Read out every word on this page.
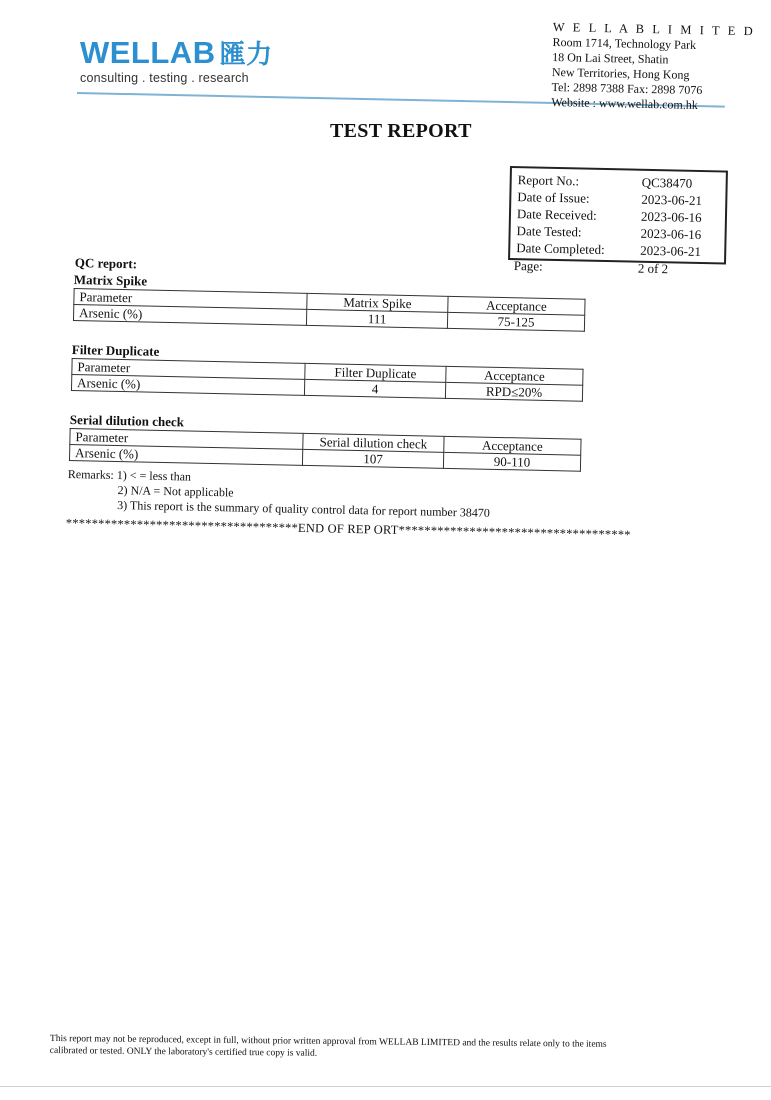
WELLAB 匯力
consulting . testing . research
W E L L A B L I M I T E D
Room 1714, Technology Park
18 On Lai Street, Shatin
New Territories, Hong Kong
Tel: 2898 7388 Fax: 2898 7076
Website : www.wellab.com.hk
TEST REPORT
Report No.:	QC38470
Date of Issue:	2023-06-21
Date Received:	2023-06-16
Date Tested:	2023-06-16
Date Completed:	2023-06-21
Page:	2 of 2
QC report:
Matrix Spike
Parameter	Matrix Spike	Acceptance
Arsenic (%)	111	75-125
Filter Duplicate
Parameter	Filter Duplicate	Acceptance
Arsenic (%)	4	RPD≤20%
Serial dilution check
Parameter	Serial dilution check	Acceptance
Arsenic (%)	107	90-110
Remarks: 1) < = less than
2) N/A = Not applicable
3) This report is the summary of quality control data for report number 38470
************************************END OF REP ORT************************************
This report may not be reproduced, except in full, without prior written approval from WELLAB LIMITED and the results relate only to the items
calibrated or tested. ONLY the laboratory's certified true copy is valid.
